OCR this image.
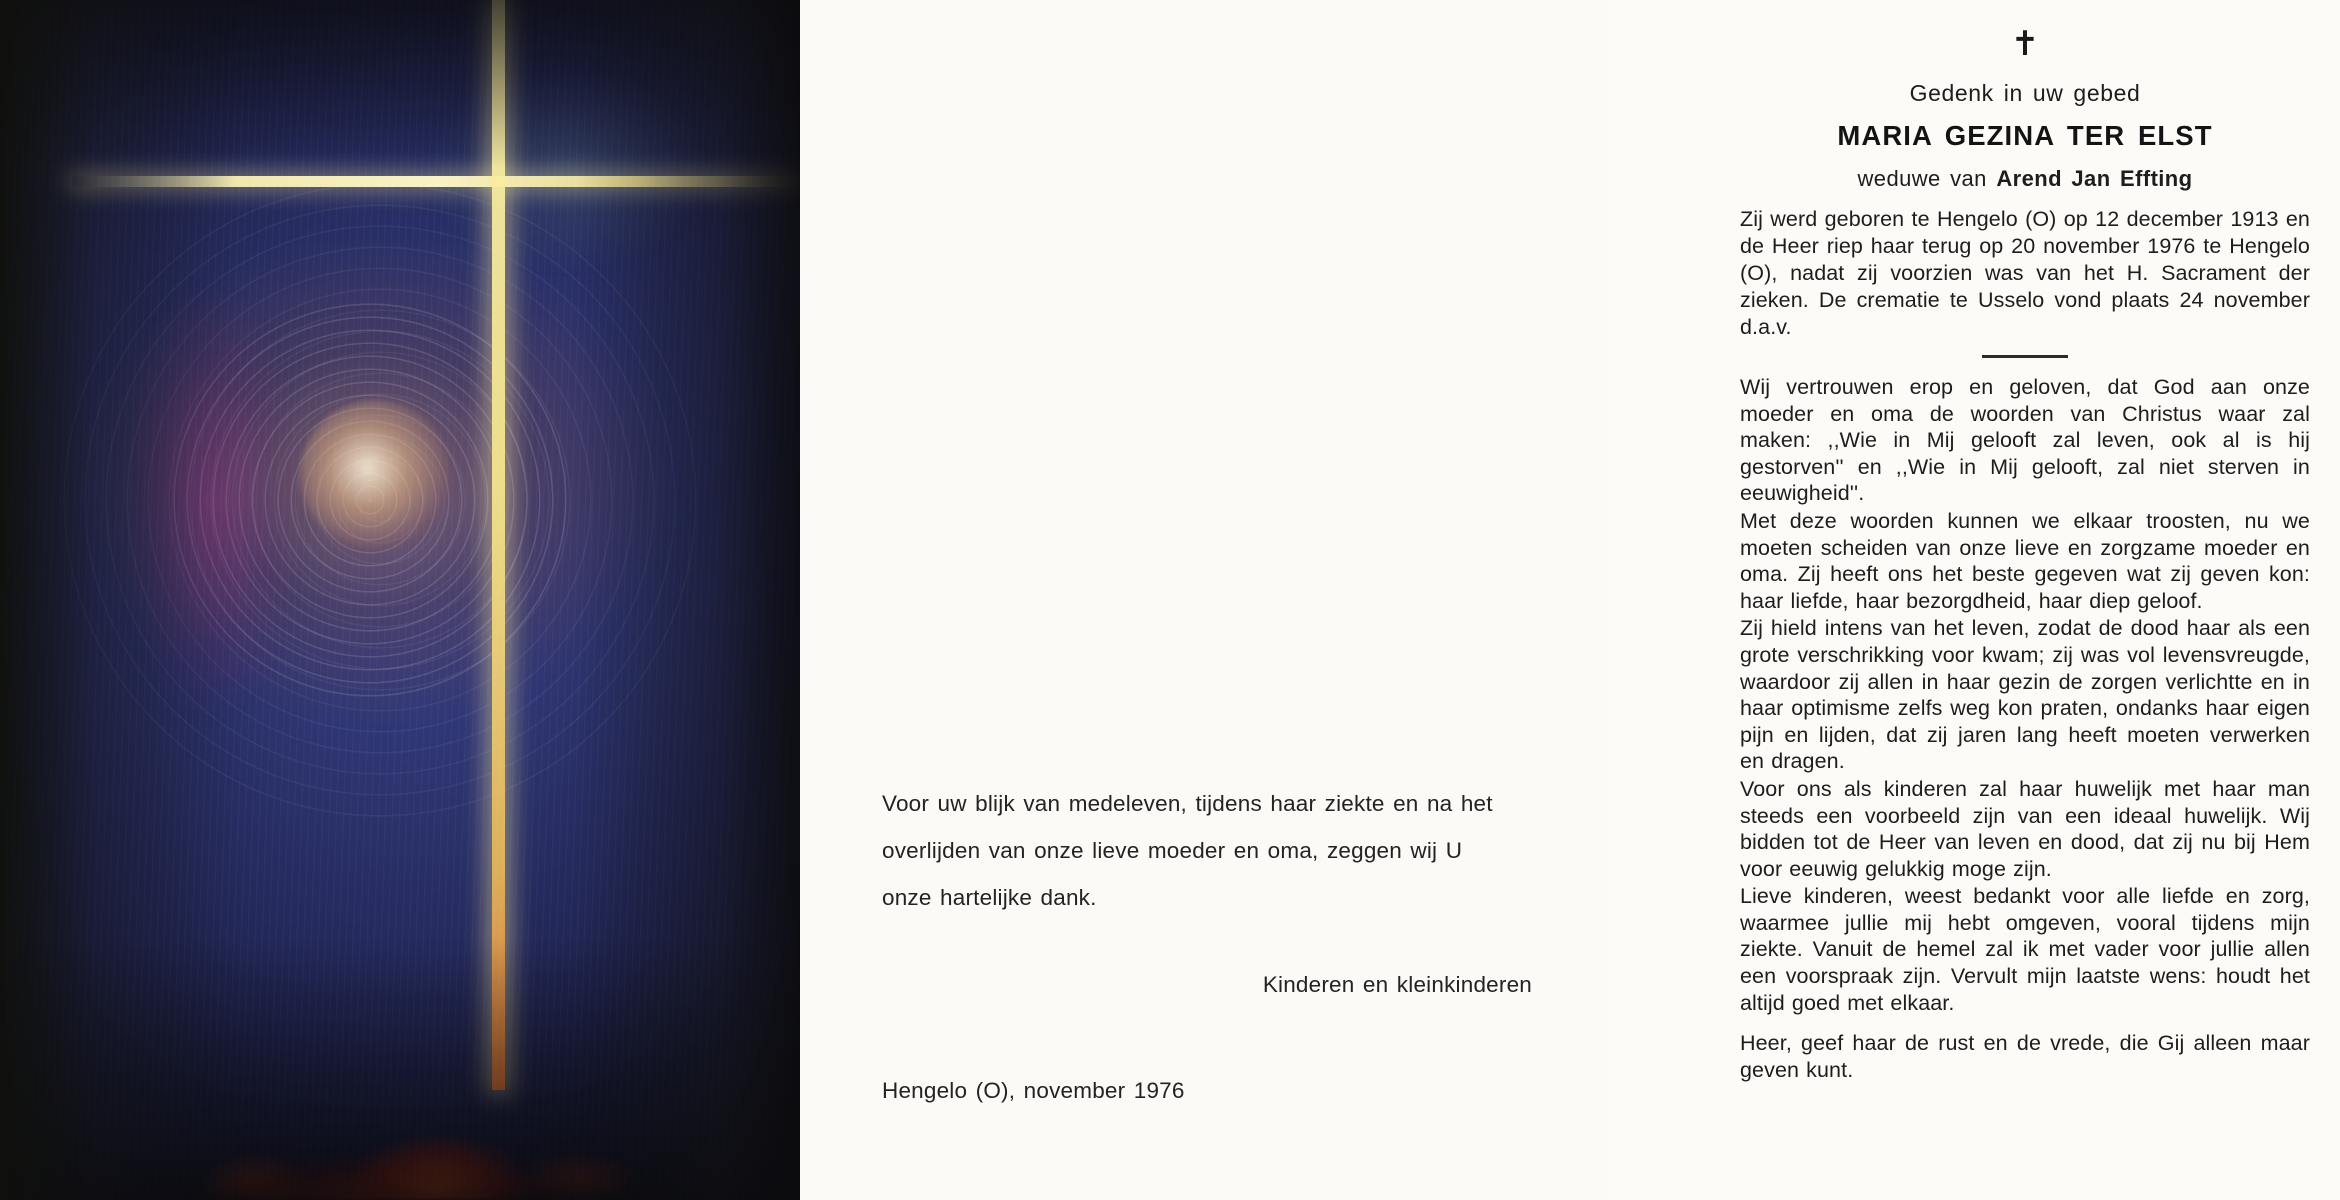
Voor uw blijk van medeleven, tijdens haar ziekte en na het overlijden van onze lieve moeder en oma, zeggen wij U onze hartelijke dank.
Kinderen en kleinkinderen
Hengelo (O), november 1976
✝
Gedenk in uw gebed
MARIA GEZINA TER ELST
weduwe van Arend Jan Effting
Zij werd geboren te Hengelo (O) op 12 december 1913 en de Heer riep haar terug op 20 november 1976 te Hengelo (O), nadat zij voorzien was van het H. Sacrament der zieken. De crematie te Usselo vond plaats 24 november d.a.v.

Wij vertrouwen erop en geloven, dat God aan onze moeder en oma de woorden van Christus waar zal maken: ,,Wie in Mij gelooft zal leven, ook al is hij gestorven'' en ,,Wie in Mij gelooft, zal niet sterven in eeuwigheid''.

Met deze woorden kunnen we elkaar troosten, nu we moeten scheiden van onze lieve en zorgzame moeder en oma. Zij heeft ons het beste gegeven wat zij geven kon: haar liefde, haar bezorgdheid, haar diep geloof.

Zij hield intens van het leven, zodat de dood haar als een grote verschrikking voor kwam; zij was vol levensvreugde, waardoor zij allen in haar gezin de zorgen verlichtte en in haar optimisme zelfs weg kon praten, ondanks haar eigen pijn en lijden, dat zij jaren lang heeft moeten verwerken en dragen.

Voor ons als kinderen zal haar huwelijk met haar man steeds een voorbeeld zijn van een ideaal huwelijk. Wij bidden tot de Heer van leven en dood, dat zij nu bij Hem voor eeuwig gelukkig moge zijn.

Lieve kinderen, weest bedankt voor alle liefde en zorg, waarmee jullie mij hebt omgeven, vooral tijdens mijn ziekte. Vanuit de hemel zal ik met vader voor jullie allen een voorspraak zijn. Vervult mijn laatste wens: houdt het altijd goed met elkaar.

Heer, geef haar de rust en de vrede, die Gij alleen maar geven kunt.
